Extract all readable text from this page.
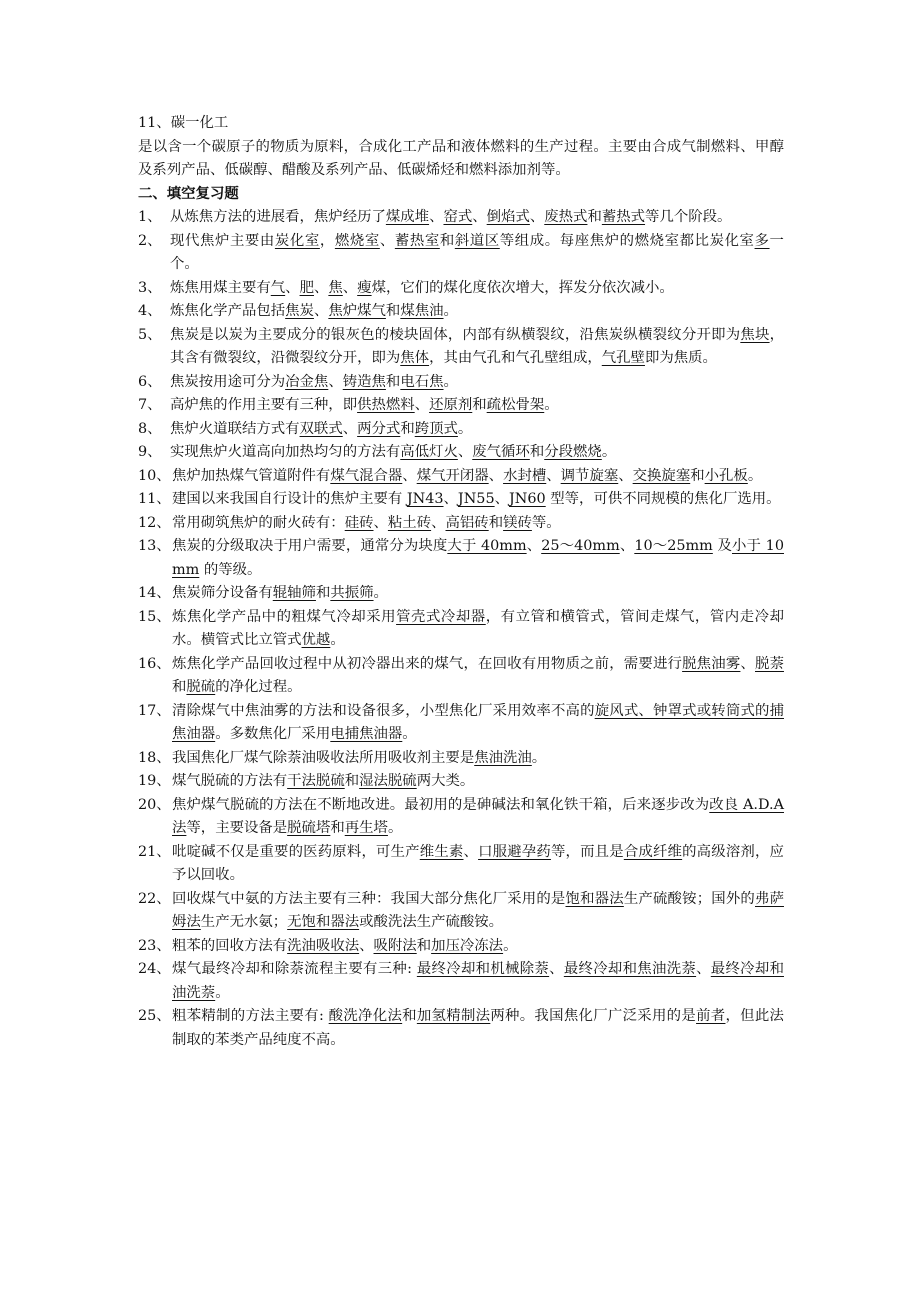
11、碳一化工
是以含一个碳原子的物质为原料，合成化工产品和液体燃料的生产过程。主要由合成气制燃料、甲醇及系列产品、低碳醇、醋酸及系列产品、低碳烯烃和燃料添加剂等。
二、填空复习题
1、 从炼焦方法的进展看，焦炉经历了煤成堆、窑式、倒焰式、废热式和蓄热式等几个阶段。
2、 现代焦炉主要由炭化室，燃烧室、蓄热室和斜道区等组成。每座焦炉的燃烧室都比炭化室多一个。
3、 炼焦用煤主要有气、肥、焦、瘦煤，它们的煤化度依次增大，挥发分依次减小。
4、 炼焦化学产品包括焦炭、焦炉煤气和煤焦油。
5、 焦炭是以炭为主要成分的银灰色的棱块固体，内部有纵横裂纹，沿焦炭纵横裂纹分开即为焦块，其含有微裂纹，沿微裂纹分开，即为焦体，其由气孔和气孔壁组成，气孔壁即为焦质。
6、 焦炭按用途可分为冶金焦、铸造焦和电石焦。
7、 高炉焦的作用主要有三种，即供热燃料、还原剂和疏松骨架。
8、 焦炉火道联结方式有双联式、两分式和跨顶式。
9、 实现焦炉火道高向加热均匀的方法有高低灯火、废气循环和分段燃烧。
10、 焦炉加热煤气管道附件有煤气混合器、煤气开闭器、水封槽、调节旋塞、交换旋塞和小孔板。
11、 建国以来我国自行设计的焦炉主要有 JN43、JN55、JN60 型等，可供不同规模的焦化厂选用。
12、 常用砌筑焦炉的耐火砖有：硅砖、粘土砖、高铝砖和镁砖等。
13、 焦炭的分级取决于用户需要，通常分为块度大于 40mm、25～40mm、10～25mm 及小于 10mm 的等级。
14、 焦炭筛分设备有辊轴筛和共振筛。
15、 炼焦化学产品中的粗煤气冷却采用管壳式冷却器，有立管和横管式，管间走煤气，管内走冷却水。横管式比立管式优越。
16、 炼焦化学产品回收过程中从初冷器出来的煤气，在回收有用物质之前，需要进行脱焦油雾、脱萘和脱硫的净化过程。
17、 清除煤气中焦油雾的方法和设备很多，小型焦化厂采用效率不高的旋风式、钟罩式或转筒式的捕焦油器。多数焦化厂采用电捕焦油器。
18、 我国焦化厂煤气除萘油吸收法所用吸收剂主要是焦油洗油。
19、 煤气脱硫的方法有干法脱硫和湿法脱硫两大类。
20、 焦炉煤气脱硫的方法在不断地改进。最初用的是砷碱法和氧化铁干箱，后来逐步改为改良 A.D.A 法等，主要设备是脱硫塔和再生塔。
21、 吡啶碱不仅是重要的医药原料，可生产维生素、口服避孕药等，而且是合成纤维的高级溶剂，应予以回收。
22、 回收煤气中氨的方法主要有三种：我国大部分焦化厂采用的是饱和器法生产硫酸铵；国外的弗萨姆法生产无水氨；无饱和器法或酸洗法生产硫酸铵。
23、 粗苯的回收方法有洗油吸收法、吸附法和加压冷冻法。
24、 煤气最终冷却和除萘流程主要有三种: 最终冷却和机械除萘、最终冷却和焦油洗萘、最终冷却和油洗萘。
25、 粗苯精制的方法主要有: 酸洗净化法和加氢精制法两种。我国焦化厂广泛采用的是前者，但此法制取的苯类产品纯度不高。
